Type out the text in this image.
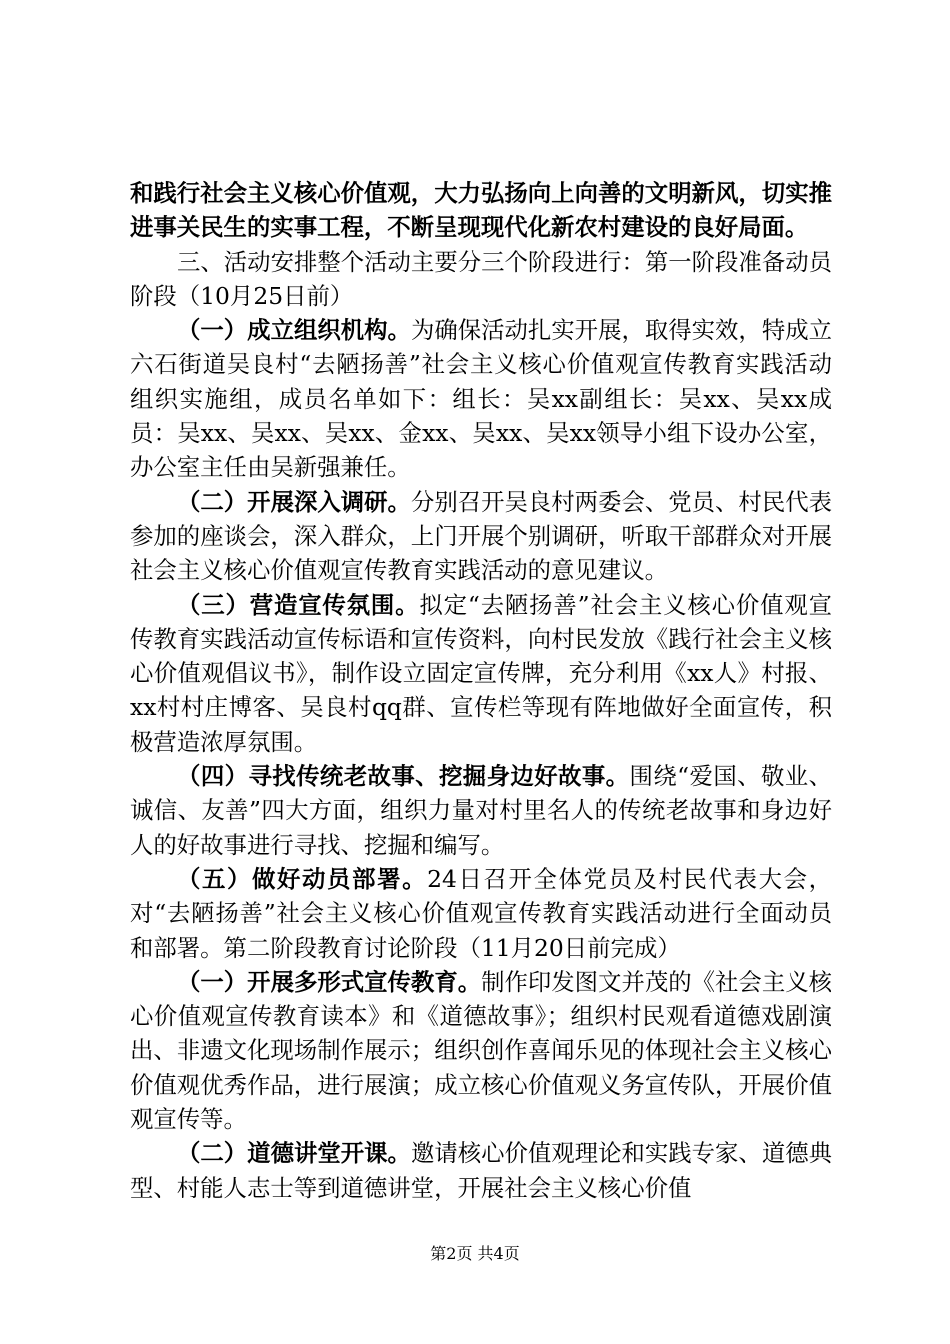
和践行社会主义核心价值观，大力弘扬向上向善的文明新风，切实推进事关民生的实事工程，不断呈现现代化新农村建设的良好局面。

三、活动安排整个活动主要分三个阶段进行：第一阶段准备动员阶段（10月25日前）

（一）成立组织机构。为确保活动扎实开展，取得实效，特成立六石街道吴良村“去陋扬善”社会主义核心价值观宣传教育实践活动组织实施组，成员名单如下：组长：吴xx副组长：吴xx、吴xx成员：吴xx、吴xx、吴xx、金xx、吴xx、吴xx领导小组下设办公室，办公室主任由吴新强兼任。

（二）开展深入调研。分别召开吴良村两委会、党员、村民代表参加的座谈会，深入群众，上门开展个别调研，听取干部群众对开展社会主义核心价值观宣传教育实践活动的意见建议。

（三）营造宣传氛围。拟定“去陋扬善”社会主义核心价值观宣传教育实践活动宣传标语和宣传资料，向村民发放《践行社会主义核心价值观倡议书》，制作设立固定宣传牌，充分利用《xx人》村报、xx村村庄博客、吴良村qq群、宣传栏等现有阵地做好全面宣传，积极营造浓厚氛围。

（四）寻找传统老故事、挖掘身边好故事。围绕“爱国、敬业、诚信、友善”四大方面，组织力量对村里名人的传统老故事和身边好人的好故事进行寻找、挖掘和编写。

（五）做好动员部署。24日召开全体党员及村民代表大会，对“去陋扬善”社会主义核心价值观宣传教育实践活动进行全面动员和部署。第二阶段教育讨论阶段（11月20日前完成）

（一）开展多形式宣传教育。制作印发图文并茂的《社会主义核心价值观宣传教育读本》和《道德故事》；组织村民观看道德戏剧演出、非遗文化现场制作展示；组织创作喜闻乐见的体现社会主义核心价值观优秀作品，进行展演；成立核心价值观义务宣传队，开展价值观宣传等。

（二）道德讲堂开课。邀请核心价值观理论和实践专家、道德典型、村能人志士等到道德讲堂，开展社会主义核心价值

第2页 共4页
